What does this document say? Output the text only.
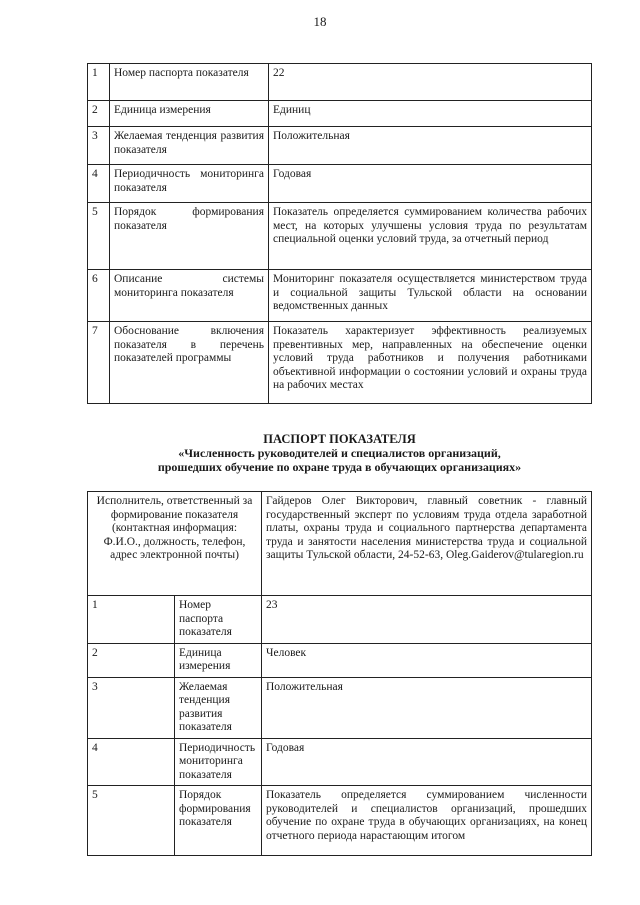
18
1	Номер паспорта показателя	22
2	Единица измерения	Единиц
3	Желаемая тенденция развития показателя	Положительная
4	Периодичность мониторинга показателя	Годовая
5	Порядок формирования показателя	Показатель определяется суммированием количества рабочих мест, на которых улучшены условия труда по результатам специальной оценки условий труда, за отчетный период
6	Описание системы мониторинга показателя	Мониторинг показателя осуществляется министерством труда и социальной защиты Тульской области на основании ведомственных данных
7	Обоснование включения показателя в перечень показателей программы	Показатель характеризует эффективность реализуемых превентивных мер, направленных на обеспечение оценки условий труда работников и получения работниками объективной информации о состоянии условий и охраны труда на рабочих местах
ПАСПОРТ ПОКАЗАТЕЛЯ
«Численность руководителей и специалистов организаций,
прошедших обучение по охране труда в обучающих организациях»
Исполнитель, ответственный за формирование показателя (контактная информация: Ф.И.О., должность, телефон, адрес электронной почты)		Гайдеров Олег Викторович, главный советник - главный государственный эксперт по условиям труда отдела заработной платы, охраны труда и социального партнерства департамента труда и занятости населения министерства труда и социальной защиты Тульской области, 24-52-63, Oleg.Gaiderov@tularegion.ru
1	Номер паспорта показателя	23
2	Единица измерения	Человек
3	Желаемая тенденция развития показателя	Положительная
4	Периодичность мониторинга показателя	Годовая
5	Порядок формирования показателя	Показатель определяется суммированием численности руководителей и специалистов организаций, прошедших обучение по охране труда в обучающих организациях, на конец отчетного периода нарастающим итогом
